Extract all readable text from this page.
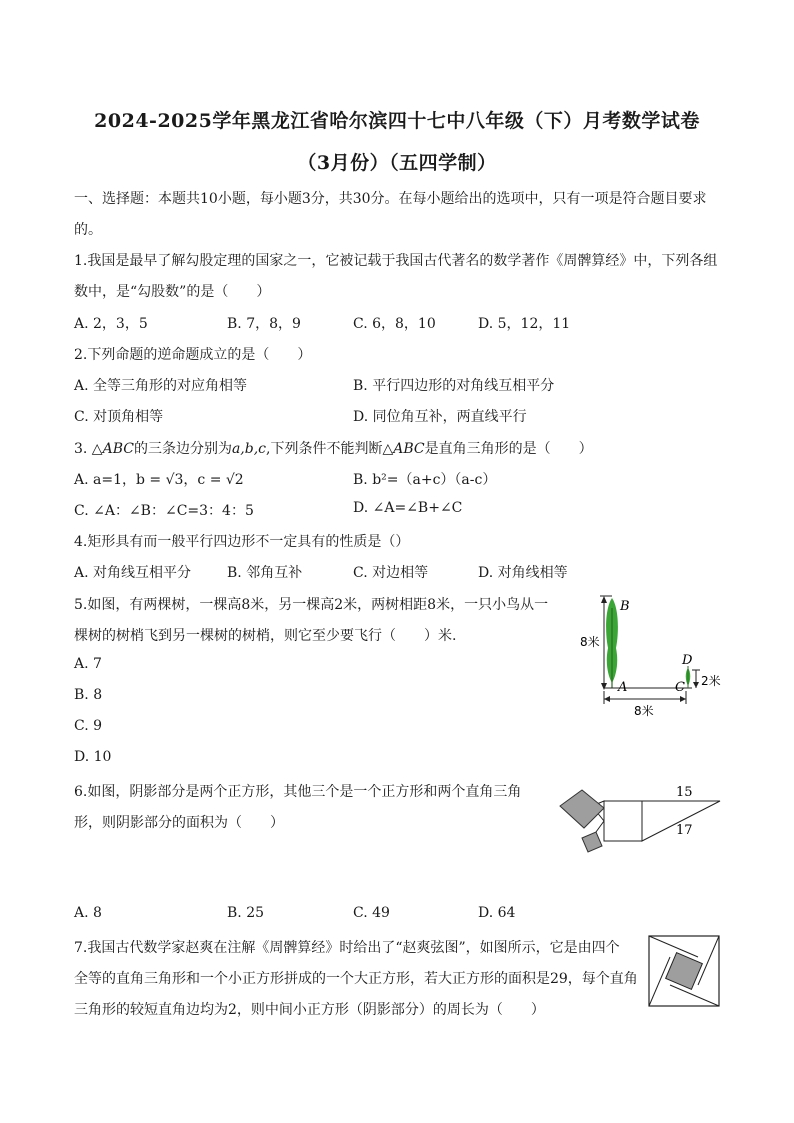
2024-2025学年黑龙江省哈尔滨四十七中八年级（下）月考数学试卷
（3月份）（五四学制）
一、选择题：本题共10小题，每小题3分，共30分。在每小题给出的选项中，只有一项是符合题目要求
的。
1.我国是最早了解勾股定理的国家之一，它被记载于我国古代著名的数学著作《周髀算经》中，下列各组
数中，是“勾股数”的是（　　）
A. 2，3，5	B. 7，8，9	C. 6，8，10	D. 5，12，11
2.下列命题的逆命题成立的是（　　）
A. 全等三角形的对应角相等	B. 平行四边形的对角线互相平分
C. 对顶角相等	D. 同位角互补，两直线平行
3. △ABC的三条边分别为a,b,c,下列条件不能判断△ABC是直角三角形的是（　　）
A. a=1，b = √3，c = √2	B. b²=（a+c）（a-c）
C. ∠A：∠B：∠C=3：4：5	D. ∠A=∠B+∠C
4.矩形具有而一般平行四边形不一定具有的性质是（）
A. 对角线互相平分	B. 邻角互补	C. 对边相等	D. 对角线相等
5.如图，有两棵树，一棵高8米，另一棵高2米，两树相距8米，一只小鸟从一
棵树的树梢飞到另一棵树的树梢，则它至少要飞行（　　）米.
A. 7
B. 8
C. 9
D. 10
B
A	C
D
8米
2米
8米
6.如图，阴影部分是两个正方形，其他三个是一个正方形和两个直角三角
形，则阴影部分的面积为（　　）
15
17
A. 8	B. 25	C. 49	D. 64
7.我国古代数学家赵爽在注解《周髀算经》时给出了“赵爽弦图”，如图所示，它是由四个
全等的直角三角形和一个小正方形拼成的一个大正方形，若大正方形的面积是29，每个直角
三角形的较短直角边均为2，则中间小正方形（阴影部分）的周长为（　　）
